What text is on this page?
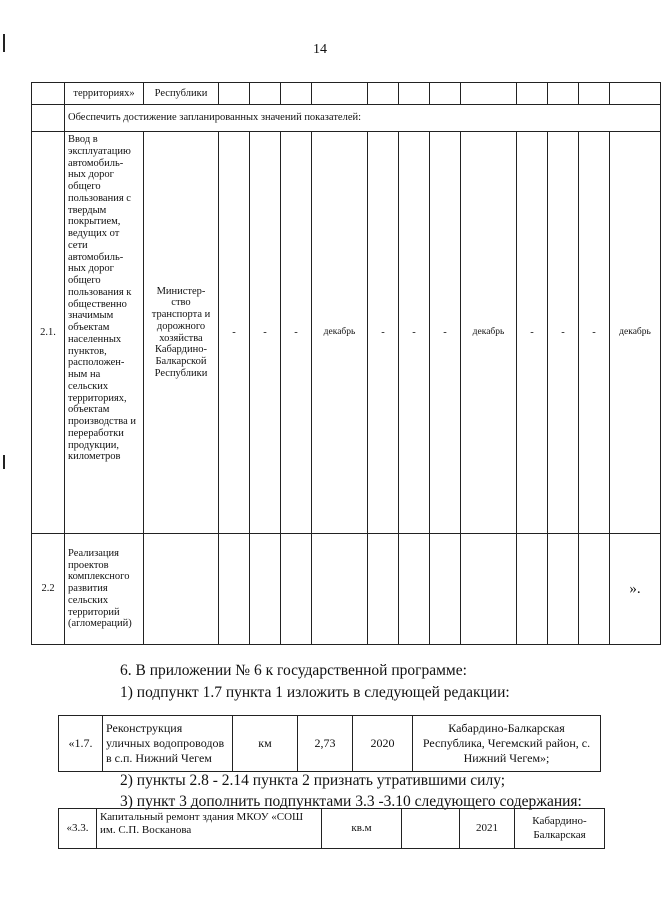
14
	территориях»	Республики												
	Обеспечить достижение запланированных значений показателей:													
2.1.	Ввод в эксплуатацию автомобиль-ных дорог общего пользования с твердым покрытием, ведущих от сети автомобиль-ных дорог общего пользования к общественно значимым объектам населенных пунктов, расположен-ным на сельских территориях, объектам производства и переработки продукции, километров	Министер-ство транспорта и дорожного хозяйства Кабардино-Балкарской Республики	-	-	-	декабрь	-	-	-	декабрь	-	-	-	декабрь
2.2	Реализация проектов комплексного развития сельских территорий (агломераций)													».
6. В приложении № 6 к государственной программе:
1) подпункт 1.7 пункта 1 изложить в следующей редакции:
«1.7.	Реконструкция уличных водопроводов в с.п. Нижний Чегем	км	2,73	2020	Кабардино-Балкарская Республика, Чегемский район, с. Нижний Чегем»;
2) пункты 2.8 - 2.14 пункта 2 признать утратившими силу;
3) пункт 3 дополнить подпунктами 3.3 -3.10 следующего содержания:
«3.3.	Капитальный ремонт здания МКОУ «СОШ им. С.П. Восканова	кв.м		2021	Кабардино-Балкарская
